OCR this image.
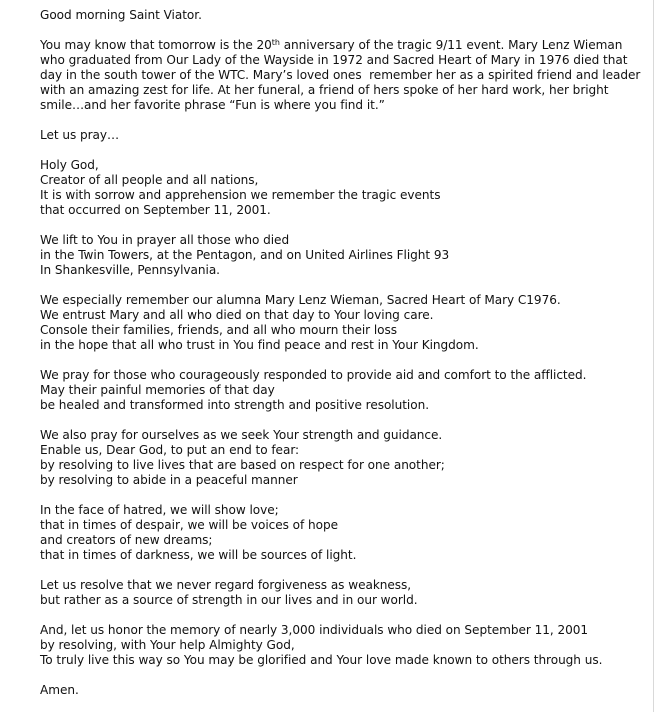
Good morning Saint Viator.

You may know that tomorrow is the 20th anniversary of the tragic 9/11 event. Mary Lenz Wieman
who graduated from Our Lady of the Wayside in 1972 and Sacred Heart of Mary in 1976 died that
day in the south tower of the WTC. Mary’s loved ones  remember her as a spirited friend and leader
with an amazing zest for life. At her funeral, a friend of hers spoke of her hard work, her bright
smile…and her favorite phrase “Fun is where you find it.”

Let us pray…

Holy God,
Creator of all people and all nations,
It is with sorrow and apprehension we remember the tragic events
that occurred on September 11, 2001.

We lift to You in prayer all those who died
in the Twin Towers, at the Pentagon, and on United Airlines Flight 93
In Shankesville, Pennsylvania.

We especially remember our alumna Mary Lenz Wieman, Sacred Heart of Mary C1976.
We entrust Mary and all who died on that day to Your loving care.
Console their families, friends, and all who mourn their loss
in the hope that all who trust in You find peace and rest in Your Kingdom.

We pray for those who courageously responded to provide aid and comfort to the afflicted.
May their painful memories of that day
be healed and transformed into strength and positive resolution.

We also pray for ourselves as we seek Your strength and guidance.
Enable us, Dear God, to put an end to fear:
by resolving to live lives that are based on respect for one another;
by resolving to abide in a peaceful manner

In the face of hatred, we will show love;
that in times of despair, we will be voices of hope
and creators of new dreams;
that in times of darkness, we will be sources of light.

Let us resolve that we never regard forgiveness as weakness,
but rather as a source of strength in our lives and in our world.

And, let us honor the memory of nearly 3,000 individuals who died on September 11, 2001
by resolving, with Your help Almighty God,
To truly live this way so You may be glorified and Your love made known to others through us.

Amen.
